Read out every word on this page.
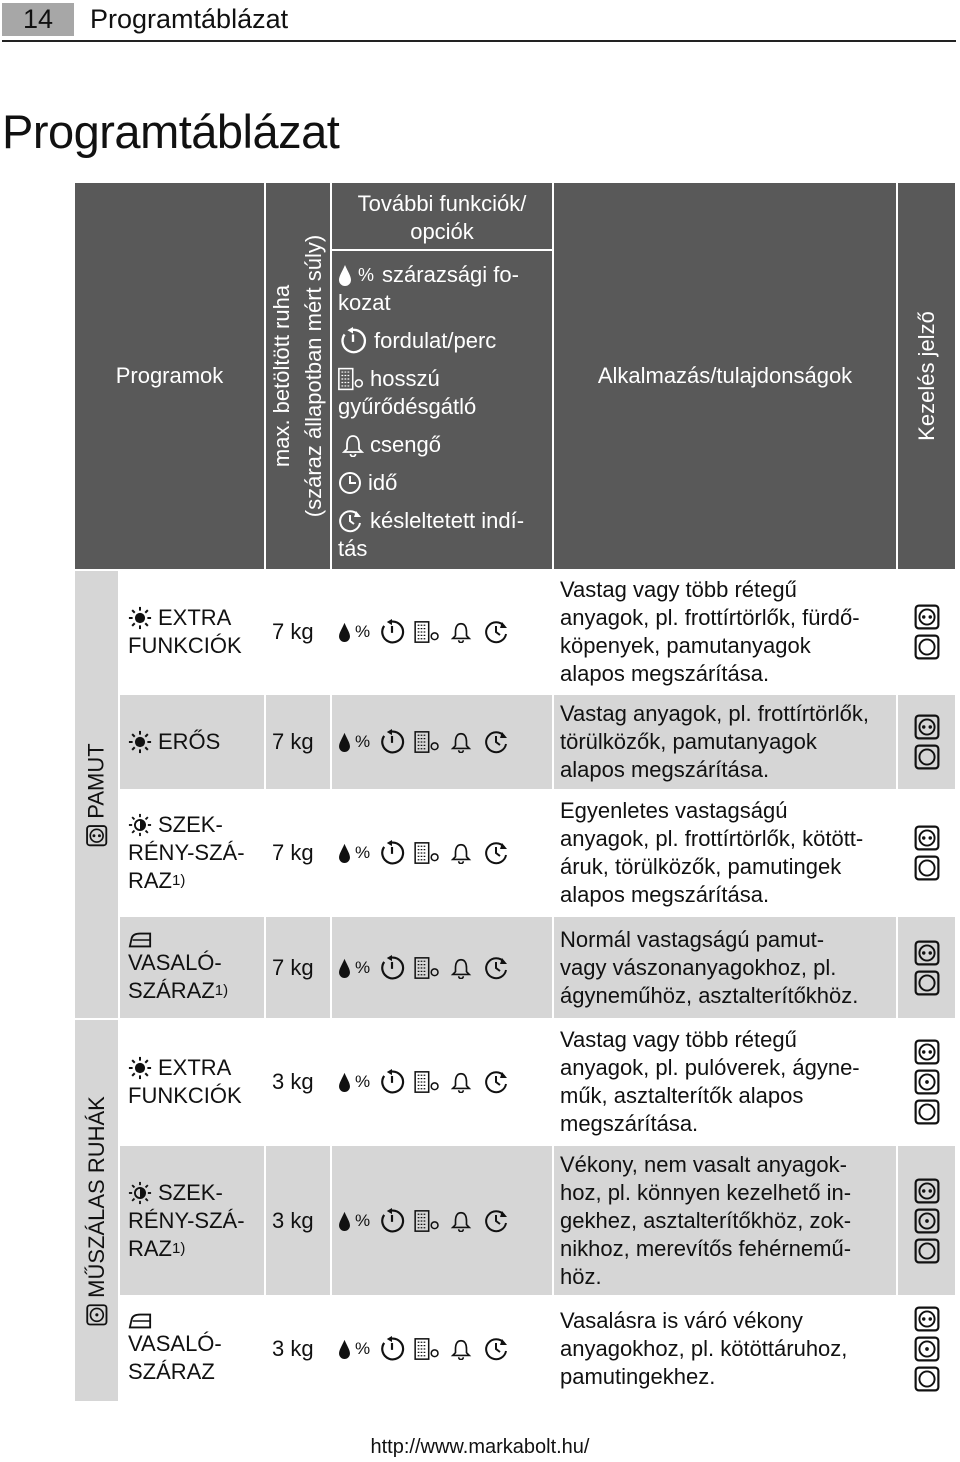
14	Programtáblázat
Programtáblázat
Programok max. betöltött ruha (száraz állapotban mért súly)
További funkciók/
opciók
% szárazsági fo-
kozat
fordulat/perc
hosszú
gyűrődésgátló
csengő
idő
késleltetett indí-
tás
Alkalmazás/tulajdonságok	Kezelés jelző
PAMUT
MŰSZÁLAS RUHÁK
EXTRA
FUNKCIÓK
7 kg %
Vastag vagy több rétegű
anyagok, pl. frottírtörlők, fürdő-
köpenyek, pamutanyagok
alapos megszárítása.
ERŐS 7 kg %
Vastag anyagok, pl. frottírtörlők,
törülközők, pamutanyagok
alapos megszárítása.
SZEK-
RÉNY-SZÁ-
RAZ 1)
7 kg %
Egyenletes vastagságú
anyagok, pl. frottírtörlők, kötött-
áruk, törülközők, pamutingek
alapos megszárítása.
VASALÓ-
SZÁRAZ 1)
7 kg %
Normál vastagságú pamut-
vagy vászonanyagokhoz, pl.
ágyneműhöz, asztalterítőkhöz.
EXTRA
FUNKCIÓK
3 kg %
Vastag vagy több rétegű
anyagok, pl. pulóverek, ágyne-
műk, asztalterítők alapos
megszárítása.
SZEK-
RÉNY-SZÁ-
RAZ 1)
3 kg %
Vékony, nem vasalt anyagok-
hoz, pl. könnyen kezelhető in-
gekhez, asztalterítőkhöz, zok-
nikhoz, merevítős fehérnemű-
höz.
VASALÓ-
SZÁRAZ
3 kg %
Vasalásra is váró vékony
anyagokhoz, pl. kötöttáruhoz,
pamutingekhez.
http://www.markabolt.hu/
